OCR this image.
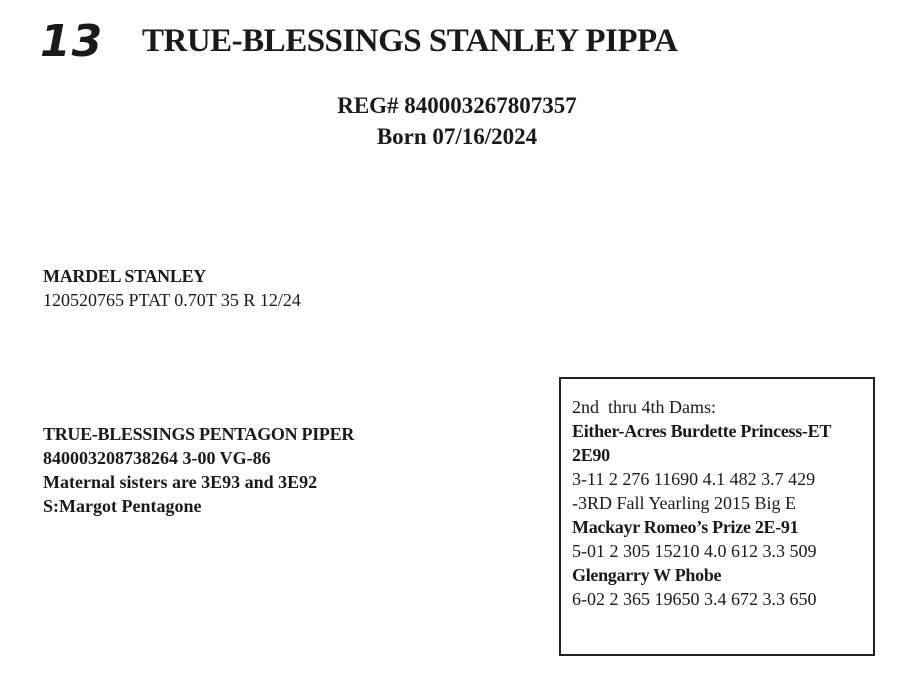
13 TRUE-BLESSINGS STANLEY PIPPA
REG# 840003267807357
Born 07/16/2024
MARDEL STANLEY
120520765 PTAT 0.70T 35 R 12/24
TRUE-BLESSINGS PENTAGON PIPER
840003208738264 3-00 VG-86
Maternal sisters are 3E93 and 3E92
S:Margot Pentagone
2nd  thru 4th Dams:
Either-Acres Burdette Princess-ET
2E90
3-11 2 276 11690 4.1 482 3.7 429
-3RD Fall Yearling 2015 Big E
Mackayr Romeo’s Prize 2E-91
5-01 2 305 15210 4.0 612 3.3 509
Glengarry W Phobe
6-02 2 365 19650 3.4 672 3.3 650
